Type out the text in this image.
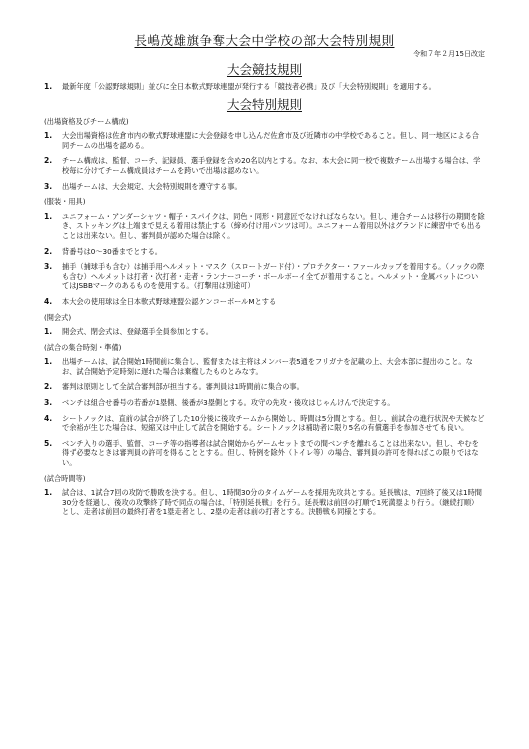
長嶋茂雄旗争奪大会中学校の部大会特別規則
令和７年２月15日改定
大会競技規則
1.	最新年度「公認野球規則」並びに全日本軟式野球連盟が発行する「競技者必携」及び「大会特別規則」を適用する。
大会特別規則
(出場資格及びチーム構成)
1.	大会出場資格は佐倉市内の軟式野球連盟に大会登録を申し込んだ佐倉市及び近隣市の中学校であること。但し、同一地区による合同チームの出場を認める。
2.	チーム構成は、監督、コーチ、記録員、選手登録を含め20名以内とする。なお、本大会に同一校で複数チーム出場する場合は、学校毎に分けてチーム構成員はチームを跨いで出場は認めない。
3.	出場チームは、大会規定、大会特別規則を遵守する事。
(服装・用具)
1.	ユニフォーム・アンダーシャツ・帽子・スパイクは、同色・同形・同意匠でなければならない。但し、連合チームは移行の期間を除き、ストッキングは上端まで見える着用は禁止する（締め付け用パンツは可）。ユニフォーム着用以外はグランドに練習中でも出ることは出来ない。但し、審判員が認めた場合は除く。
2.	背番号は0〜30番までとする。
3.	捕手（捕球手も含む）は捕手用ヘルメット・マスク（スロートガード付）・プロテクター・ファールカップを着用する。（ノックの際も含む）ヘルメットは打者・次打者・走者・ランナーコーチ・ボールボーイ全てが着用すること。ヘルメット・金属バットについてはJSBBマークのあるものを使用する。（打撃用は別途可）
4.	本大会の使用球は全日本軟式野球連盟公認ケンコーボールMとする
(開会式)
1.	開会式、閉会式は、登録選手全員参加とする。
(試合の集合時刻・準備)
1.	出場チームは、試合開始1時間前に集合し、監督または主将はメンバー表5通をフリガナを記載の上、大会本部に提出のこと。なお、試合開始予定時刻に遅れた場合は棄権したものとみなす。
2.	審判は原則として全試合審判部が担当する。審判員は1時間前に集合の事。
3.	ベンチは組合せ番号の若番が1塁側、後番が3塁側とする。攻守の先攻・後攻はじゃんけんで決定する。
4.	シートノックは、直前の試合が終了した10分後に後攻チームから開始し、時間は5分間とする。但し、前試合の進行状況や天候などで余裕が生じた場合は、短縮又は中止して試合を開始する。シートノックは補助者に限り5名の有償選手を参加させても良い。
5.	ベンチ入りの選手、監督、コーチ等の指導者は試合開始からゲームセットまでの間ベンチを離れることは出来ない。但し、やむを得ず必要なときは審判員の許可を得ることとする。但し、特例を除外（トイレ等）の場合、審判員の許可を得ればこの限りではない。
(試合時間等)
1.	試合は、1試合7回の攻防で勝敗を決する。但し、1時間30分のタイムゲームを採用先攻共とする。延長戦は、7回終了後又は1時間30分を経過し、後攻の攻撃終了時で同点の場合は、「特別延長戦」を行う。延長戦は前回の打順で1死満塁より行う。（継続打順）とし、走者は前回の最終打者を1塁走者とし、2塁の走者は前の打者とする。決勝戦も同様とする。
